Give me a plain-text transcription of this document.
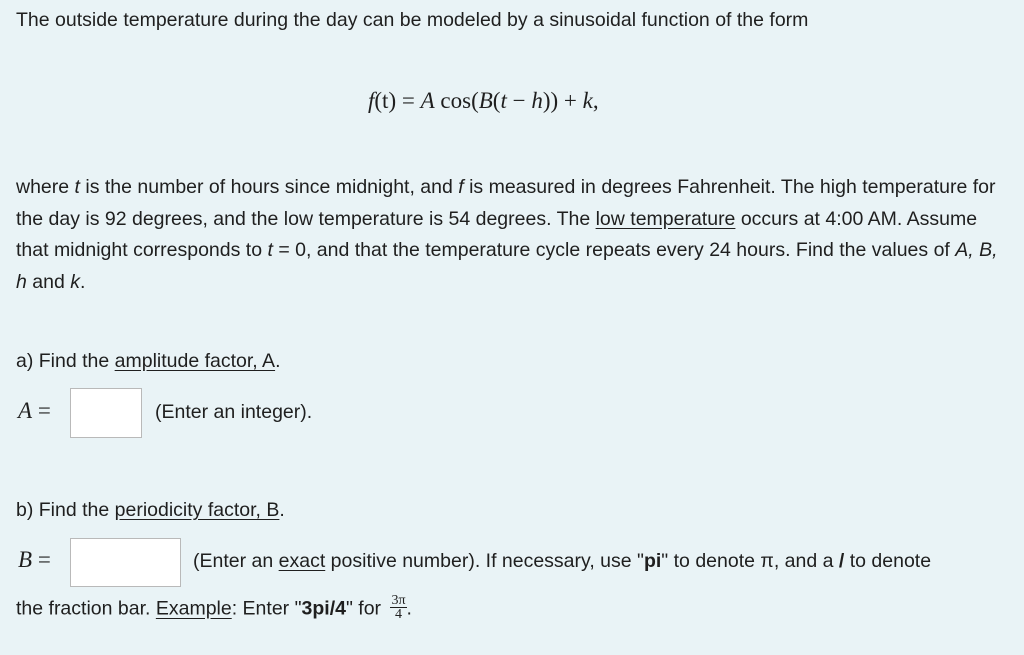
The outside temperature during the day can be modeled by a sinusoidal function of the form

f(t) = A cos(B(t − h)) + k,
where t is the number of hours since midnight, and f is measured in degrees Fahrenheit. The high temperature for the day is 92 degrees, and the low temperature is 54 degrees. The low temperature occurs at 4:00 AM. Assume that midnight corresponds to t = 0, and that the temperature cycle repeats every 24 hours. Find the values of A, B, h and k.

a) Find the amplitude factor, A.

A =	(Enter an integer).

b) Find the periodicity factor, B.

B =	(Enter an exact positive number). If necessary, use "pi" to denote π, and a / to denote

the fraction bar. Example: Enter "3pi/4" for $\frac{3\pi}{4}$ .
